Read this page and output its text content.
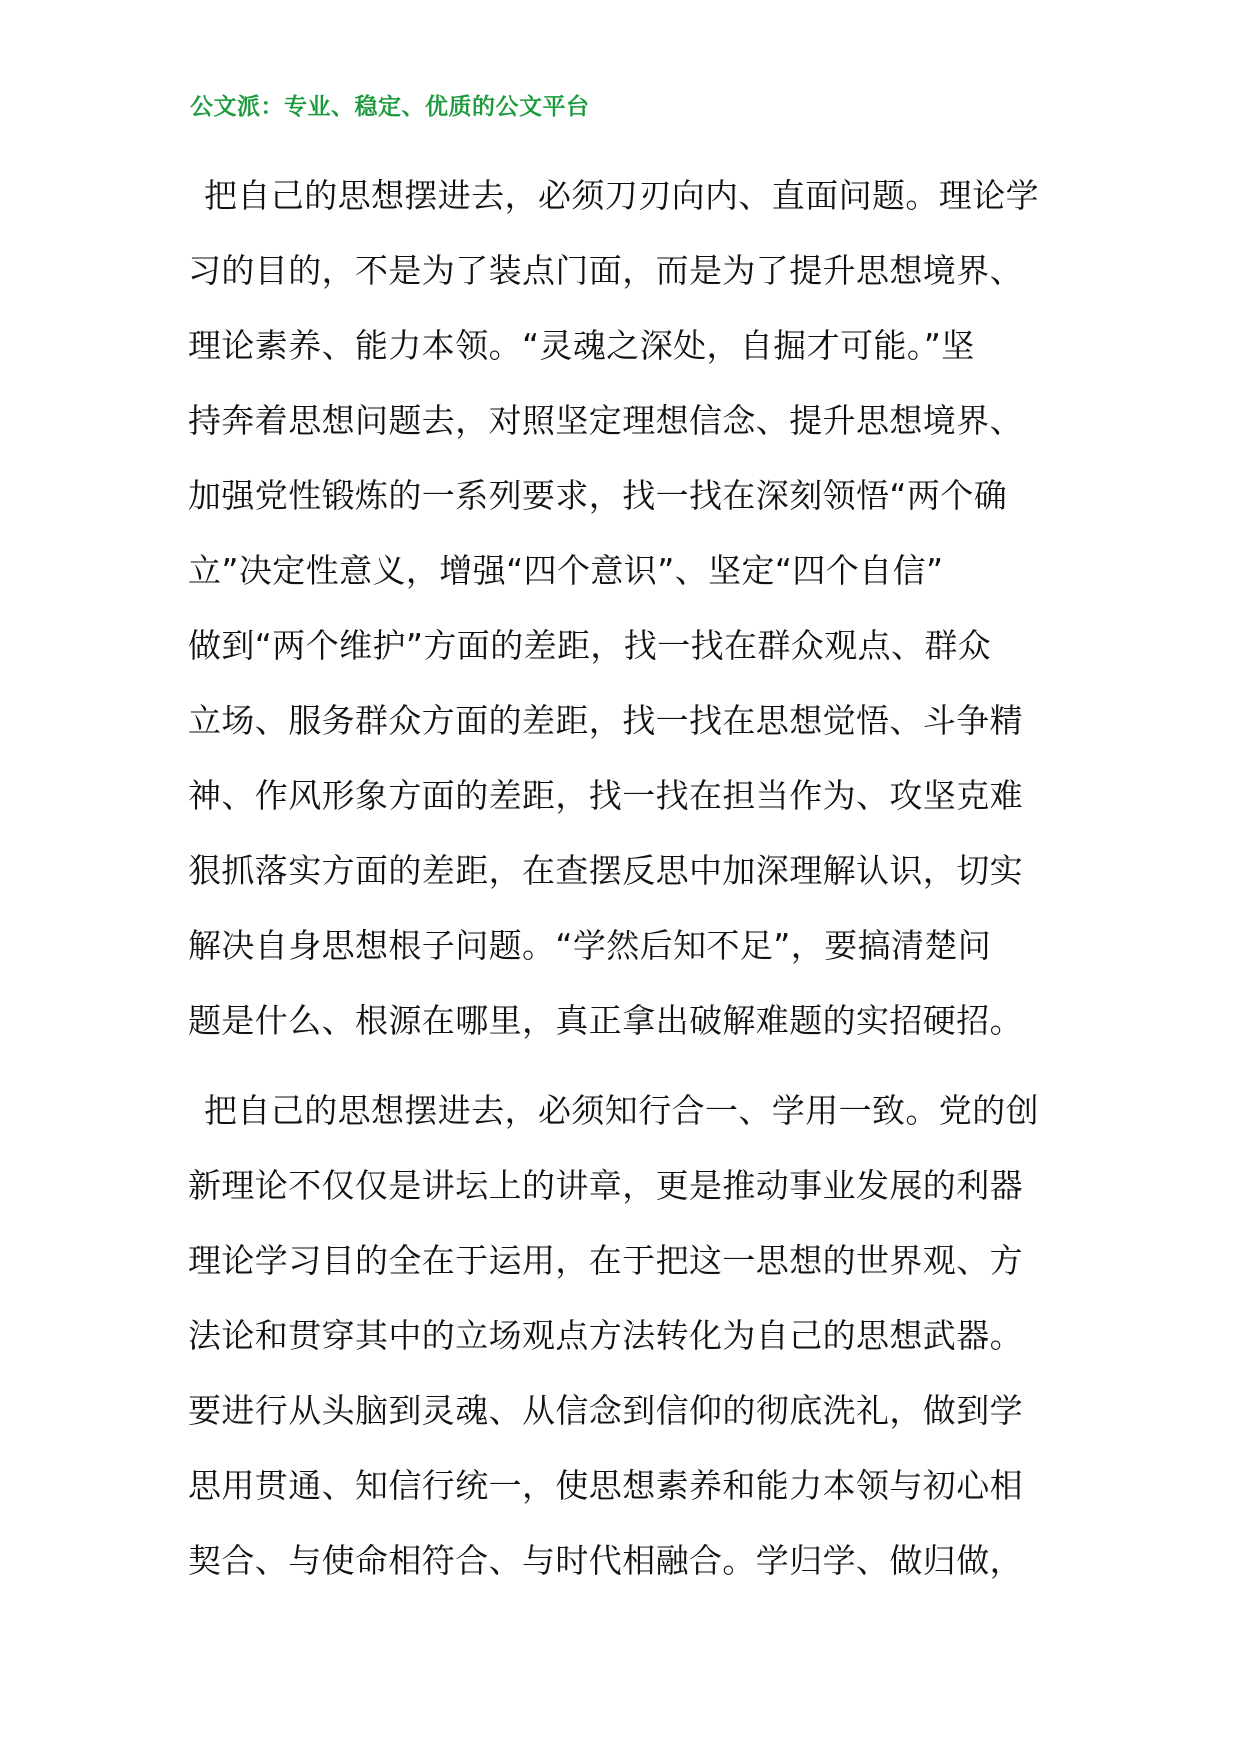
公文派：专业、稳定、优质的公文平台
把自己的思想摆进去，必须刀刃向内、直面问题。理论学
习的目的，不是为了装点门面，而是为了提升思想境界、
理论素养、能力本领。“灵魂之深处，自掘才可能。”坚
持奔着思想问题去，对照坚定理想信念、提升思想境界、
加强党性锻炼的一系列要求，找一找在深刻领悟“两个确
立”决定性意义，增强“四个意识”、坚定“四个自信”
做到“两个维护”方面的差距，找一找在群众观点、群众
立场、服务群众方面的差距，找一找在思想觉悟、斗争精
神、作风形象方面的差距，找一找在担当作为、攻坚克难
狠抓落实方面的差距，在查摆反思中加深理解认识，切实
解决自身思想根子问题。“学然后知不足”，要搞清楚问
题是什么、根源在哪里，真正拿出破解难题的实招硬招。
把自己的思想摆进去，必须知行合一、学用一致。党的创
新理论不仅仅是讲坛上的讲章，更是推动事业发展的利器
理论学习目的全在于运用，在于把这一思想的世界观、方
法论和贯穿其中的立场观点方法转化为自己的思想武器。
要进行从头脑到灵魂、从信念到信仰的彻底洗礼，做到学
思用贯通、知信行统一，使思想素养和能力本领与初心相
契合、与使命相符合、与时代相融合。学归学、做归做，
